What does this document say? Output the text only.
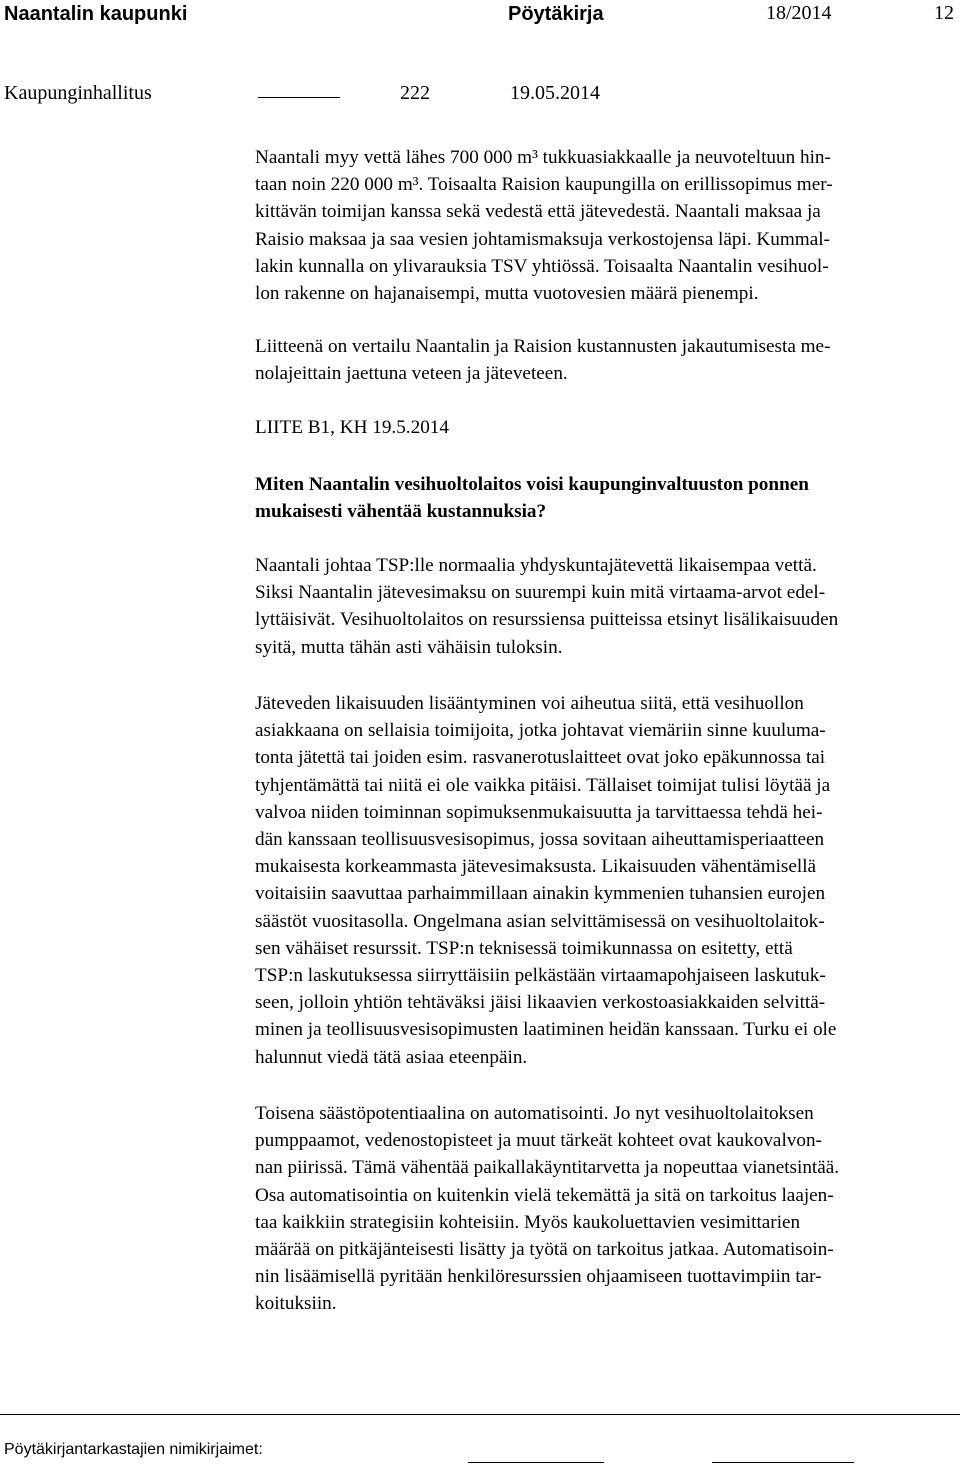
Naantalin kaupunki	Pöytäkirja	18/2014	12
Kaupunginhallitus	222	19.05.2014
Naantali myy vettä lähes 700 000 m³ tukkuasiakkaalle ja neuvoteltuun hin-
taan noin 220 000 m³. Toisaalta Raision kaupungilla on erillissopimus mer-
kittävän toimijan kanssa sekä vedestä että jätevedestä. Naantali maksaa ja
Raisio maksaa ja saa vesien johtamismaksuja verkostojensa läpi. Kummal-
lakin kunnalla on ylivarauksia TSV yhtiössä. Toisaalta Naantalin vesihuol-
lon rakenne on hajanaisempi, mutta vuotovesien määrä pienempi.
Liitteenä on vertailu Naantalin ja Raision kustannusten jakautumisesta me-
nolajeittain jaettuna veteen ja jäteveteen.
LIITE B1, KH 19.5.2014
Miten Naantalin vesihuoltolaitos voisi kaupunginvaltuuston ponnen
mukaisesti vähentää kustannuksia?
Naantali johtaa TSP:lle normaalia yhdyskuntajätevettä likaisempaa vettä.
Siksi Naantalin jätevesimaksu on suurempi kuin mitä virtaama-arvot edel-
lyttäisivät. Vesihuoltolaitos on resurssiensa puitteissa etsinyt lisälikaisuuden
syitä, mutta tähän asti vähäisin tuloksin.
Jäteveden likaisuuden lisääntyminen voi aiheutua siitä, että vesihuollon
asiakkaana on sellaisia toimijoita, jotka johtavat viemäriin sinne kuuluma-
tonta jätettä tai joiden esim. rasvanerotuslaitteet ovat joko epäkunnossa tai
tyhjentämättä tai niitä ei ole vaikka pitäisi. Tällaiset toimijat tulisi löytää ja
valvoa niiden toiminnan sopimuksenmukaisuutta ja tarvittaessa tehdä hei-
dän kanssaan teollisuusvesisopimus, jossa sovitaan aiheuttamisperiaatteen
mukaisesta korkeammasta jätevesimaksusta. Likaisuuden vähentämisellä
voitaisiin saavuttaa parhaimmillaan ainakin kymmenien tuhansien eurojen
säästöt vuositasolla. Ongelmana asian selvittämisessä on vesihuoltolaitok-
sen vähäiset resurssit. TSP:n teknisessä toimikunnassa on esitetty, että
TSP:n laskutuksessa siirryttäisiin pelkästään virtaamapohjaiseen laskutuk-
seen, jolloin yhtiön tehtäväksi jäisi likaavien verkostoasiakkaiden selvittä-
minen ja teollisuusvesisopimusten laatiminen heidän kanssaan. Turku ei ole
halunnut viedä tätä asiaa eteenpäin.
Toisena säästöpotentiaalina on automatisointi. Jo nyt vesihuoltolaitoksen
pumppaamot, vedenostopisteet ja muut tärkeät kohteet ovat kaukovalvon-
nan piirissä. Tämä vähentää paikallakäyntitarvetta ja nopeuttaa vianetsintää.
Osa automatisointia on kuitenkin vielä tekemättä ja sitä on tarkoitus laajen-
taa kaikkiin strategisiin kohteisiin. Myös kaukoluettavien vesimittarien
määrää on pitkäjänteisesti lisätty ja työtä on tarkoitus jatkaa. Automatisoin-
nin lisäämisellä pyritään henkilöresurssien ohjaamiseen tuottavimpiin tar-
koituksiin.
Pöytäkirjantarkastajien nimikirjaimet:
